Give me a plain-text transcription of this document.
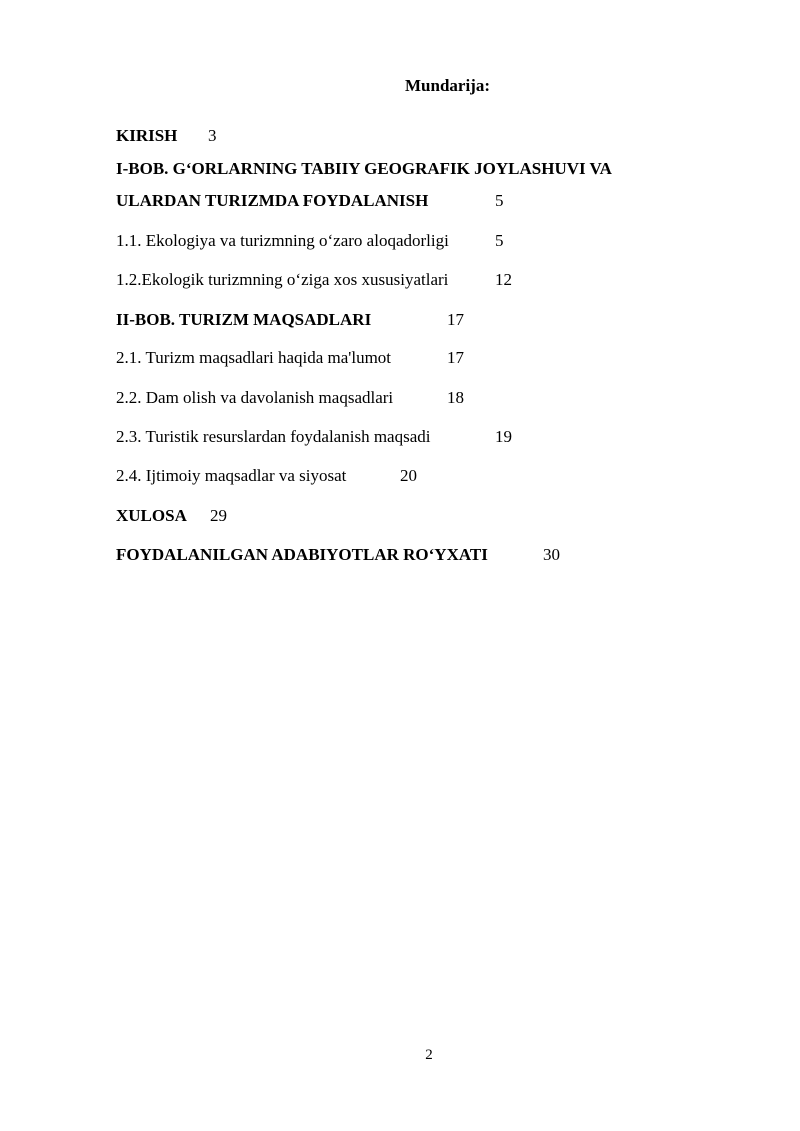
Mundarija:
KIRISH 3
I-BOB. G‘ORLARNING TABIIY GEOGRAFIK JOYLASHUVI VA
ULARDAN TURIZMDA FOYDALANISH	5
1.1. Ekologiya va turizmning o‘zaro aloqadorligi	5
1.2.Ekologik turizmning o‘ziga xos xususiyatlari	12
II-BOB. TURIZM MAQSADLARI	17
2.1. Turizm maqsadlari haqida ma'lumot	17
2.2. Dam olish va davolanish maqsadlari	18
2.3. Turistik resurslardan foydalanish maqsadi	19
2.4. Ijtimoiy maqsadlar va siyosat	20
XULOSA 29
FOYDALANILGAN ADABIYOTLAR RO‘YXATI	30
2
